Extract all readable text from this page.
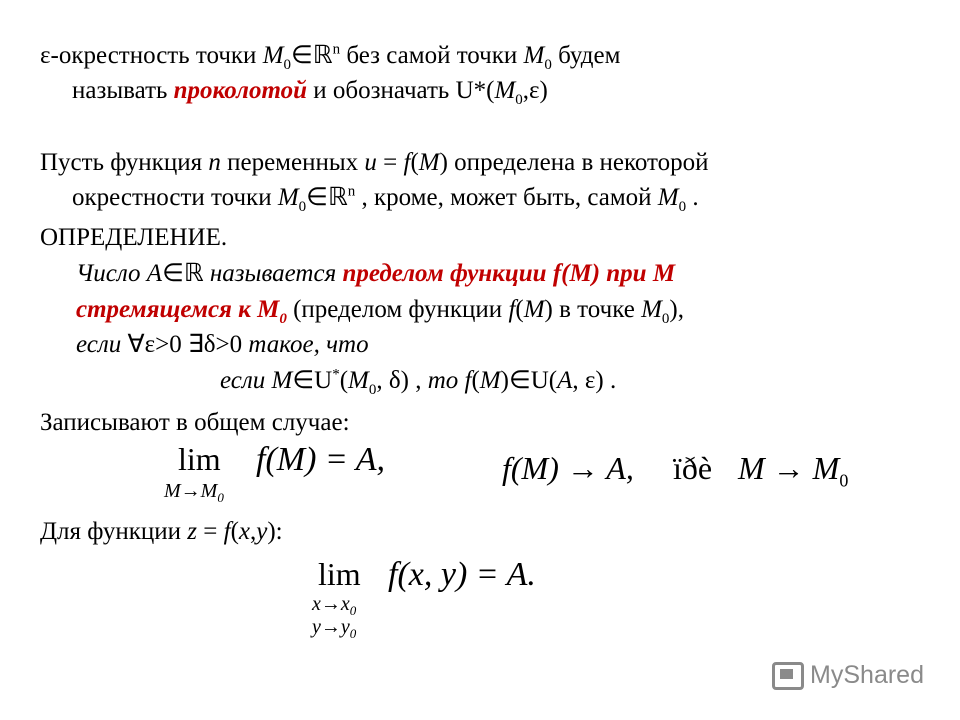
ε-окрестность точки $M_0\in ℝ^n$ без самой точки $M_0$ будем
называть проколотой и обозначать $U*(M_0,\varepsilon)$
Пусть функция n переменных u = f(M) определена в некоторой
окрестности точки $M_0\in ℝ^n$ , кроме, может быть, самой $M_0$ .
ОПРЕДЕЛЕНИЕ.
Число A∈ℝ называется пределом функции f(M) при M
стремящемся к $M_0$ (пределом функции f(M) в точке $M_0$),
если ∀ε>0 ∃δ>0 такое, что
если $M\in U^*(M_0$, δ) , то f(M)∈U(A, ε) .
Записывают в общем случае:
lim
$M\to M_0$
f(M) = A,	f(M) → A, ïðè $M \to M_0$
Для функции z = f(x,y):
lim
$x\to x_0$
$y\to y_0$
f(x, y) = A.
MyShared
